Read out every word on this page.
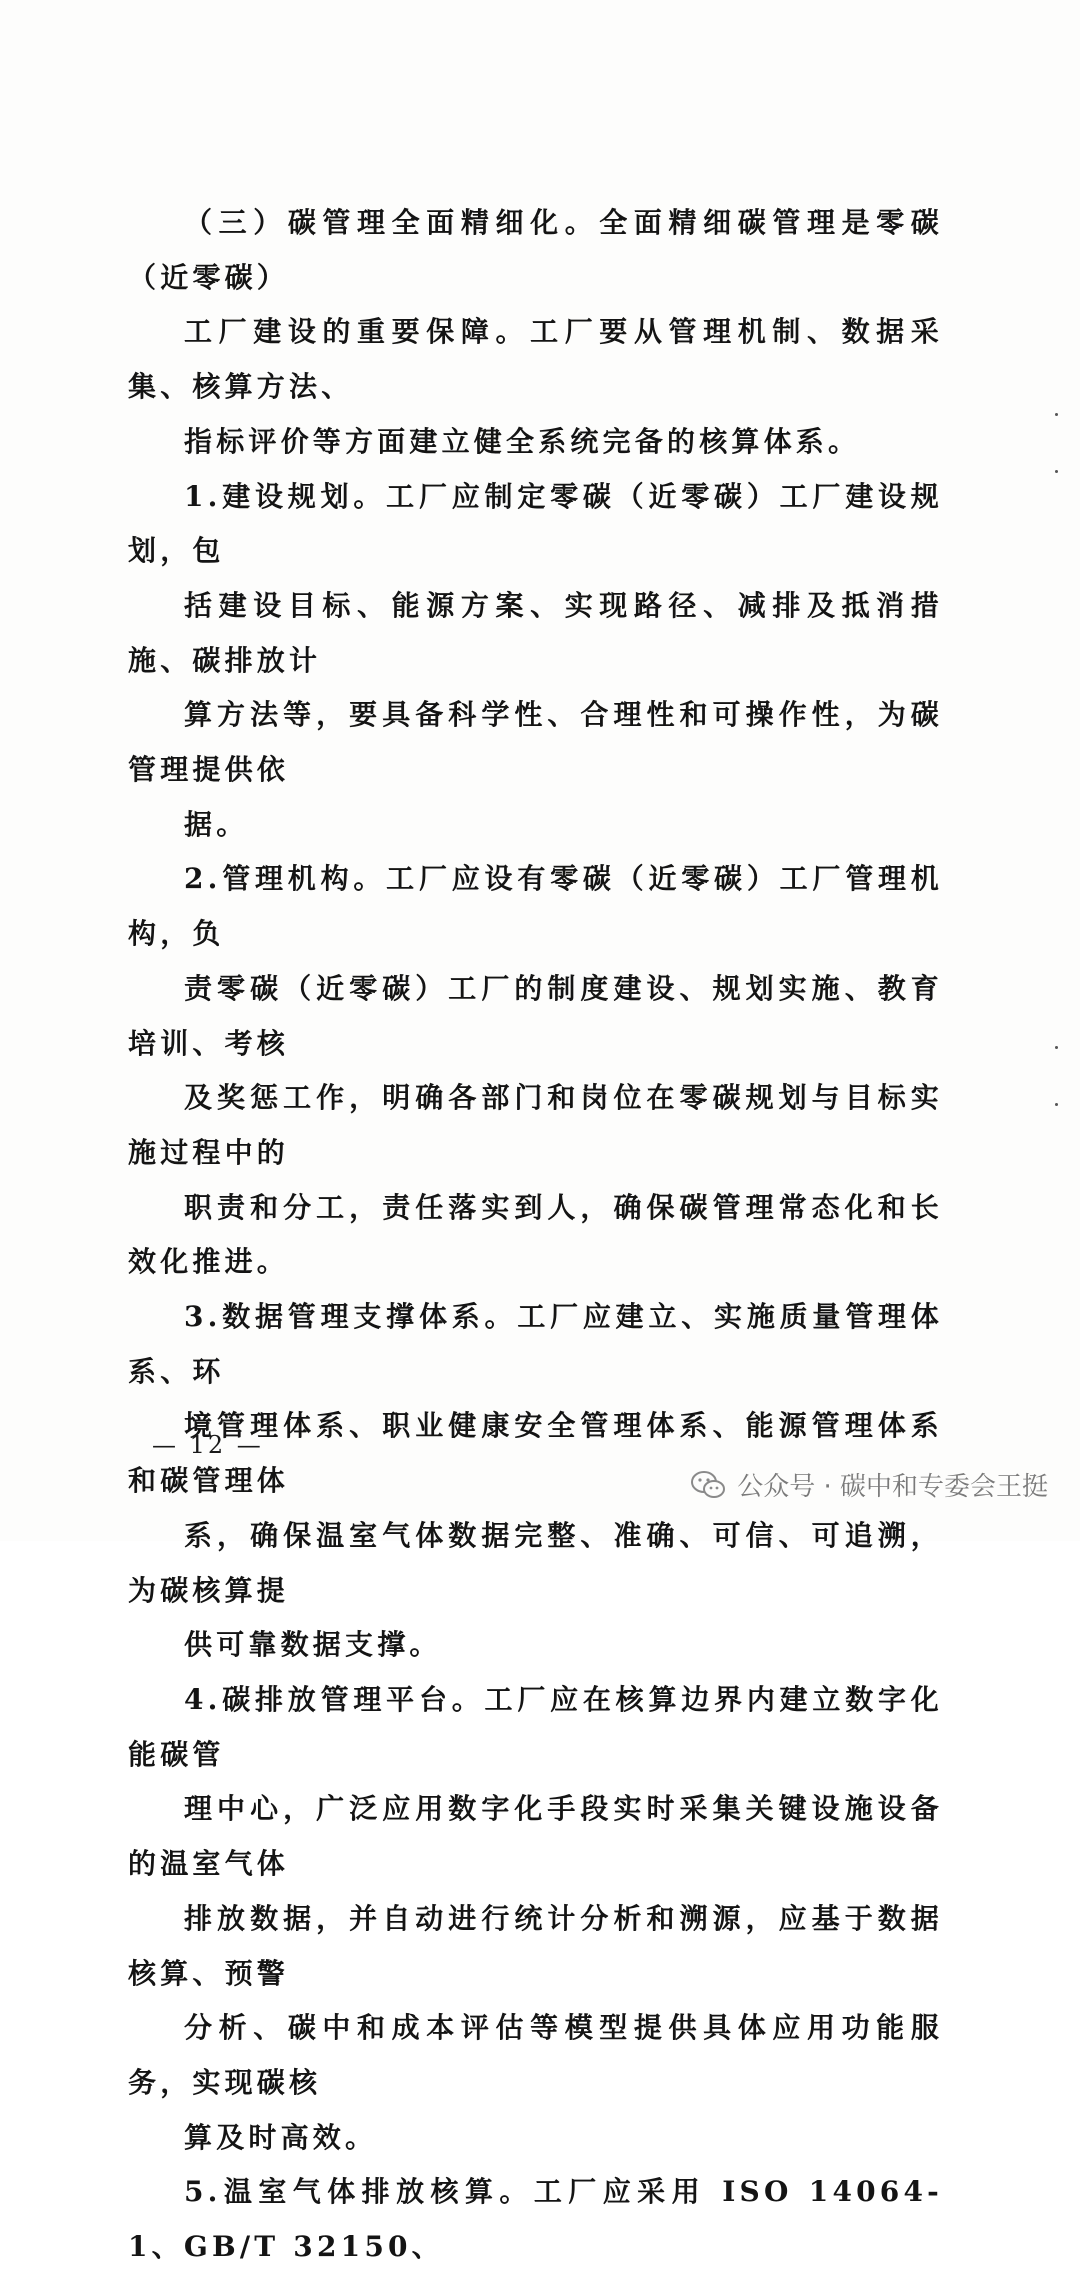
（三）碳管理全面精细化。全面精细碳管理是零碳（近零碳）
工厂建设的重要保障。工厂要从管理机制、数据采集、核算方法、
指标评价等方面建立健全系统完备的核算体系。

1.建设规划。工厂应制定零碳（近零碳）工厂建设规划，包
括建设目标、能源方案、实现路径、减排及抵消措施、碳排放计
算方法等，要具备科学性、合理性和可操作性，为碳管理提供依
据。

2.管理机构。工厂应设有零碳（近零碳）工厂管理机构，负
责零碳（近零碳）工厂的制度建设、规划实施、教育培训、考核
及奖惩工作，明确各部门和岗位在零碳规划与目标实施过程中的
职责和分工，责任落实到人，确保碳管理常态化和长效化推进。

3.数据管理支撑体系。工厂应建立、实施质量管理体系、环
境管理体系、职业健康安全管理体系、能源管理体系和碳管理体
系，确保温室气体数据完整、准确、可信、可追溯，为碳核算提
供可靠数据支撑。

4.碳排放管理平台。工厂应在核算边界内建立数字化能碳管
理中心，广泛应用数字化手段实时采集关键设施设备的温室气体
排放数据，并自动进行统计分析和溯源，应基于数据核算、预警
分析、碳中和成本评估等模型提供具体应用功能服务，实现碳核
算及时高效。

5.温室气体排放核算。工厂应采用 ISO 14064-1、GB/T 32150、

— 12 —
公众号 · 碳中和专委会王挺
